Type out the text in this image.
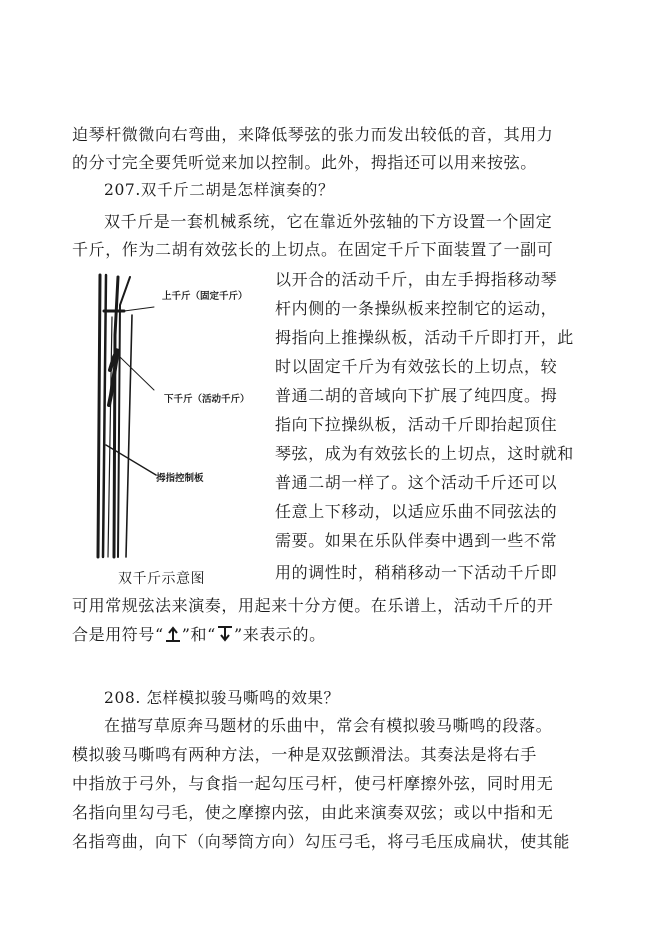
迫琴杆微微向右弯曲，来降低琴弦的张力而发出较低的音，其用力
的分寸完全要凭听觉来加以控制。此外，拇指还可以用来按弦。
207.双千斤二胡是怎样演奏的？
双千斤是一套机械系统，它在靠近外弦轴的下方设置一个固定
千斤，作为二胡有效弦长的上切点。在固定千斤下面装置了一副可
以开合的活动千斤，由左手拇指移动琴
杆内侧的一条操纵板来控制它的运动，
拇指向上推操纵板，活动千斤即打开，此
时以固定千斤为有效弦长的上切点，较
普通二胡的音域向下扩展了纯四度。拇
指向下拉操纵板，活动千斤即抬起顶住
琴弦，成为有效弦长的上切点，这时就和
普通二胡一样了。这个活动千斤还可以
任意上下移动，以适应乐曲不同弦法的
需要。如果在乐队伴奏中遇到一些不常
用的调性时，稍稍移动一下活动千斤即
上千斤（固定千斤）
下千斤（活动千斤）
拇指控制板
双千斤示意图
可用常规弦法来演奏，用起来十分方便。在乐谱上，活动千斤的开
合是用符号“ ”和“ ”来表示的。
208. 怎样模拟骏马嘶鸣的效果？
在描写草原奔马题材的乐曲中，常会有模拟骏马嘶鸣的段落。
模拟骏马嘶鸣有两种方法，一种是双弦颤滑法。其奏法是将右手
中指放于弓外，与食指一起勾压弓杆，使弓杆摩擦外弦，同时用无
名指向里勾弓毛，使之摩擦内弦，由此来演奏双弦；或以中指和无
名指弯曲，向下（向琴筒方向）勾压弓毛，将弓毛压成扁状，使其能
